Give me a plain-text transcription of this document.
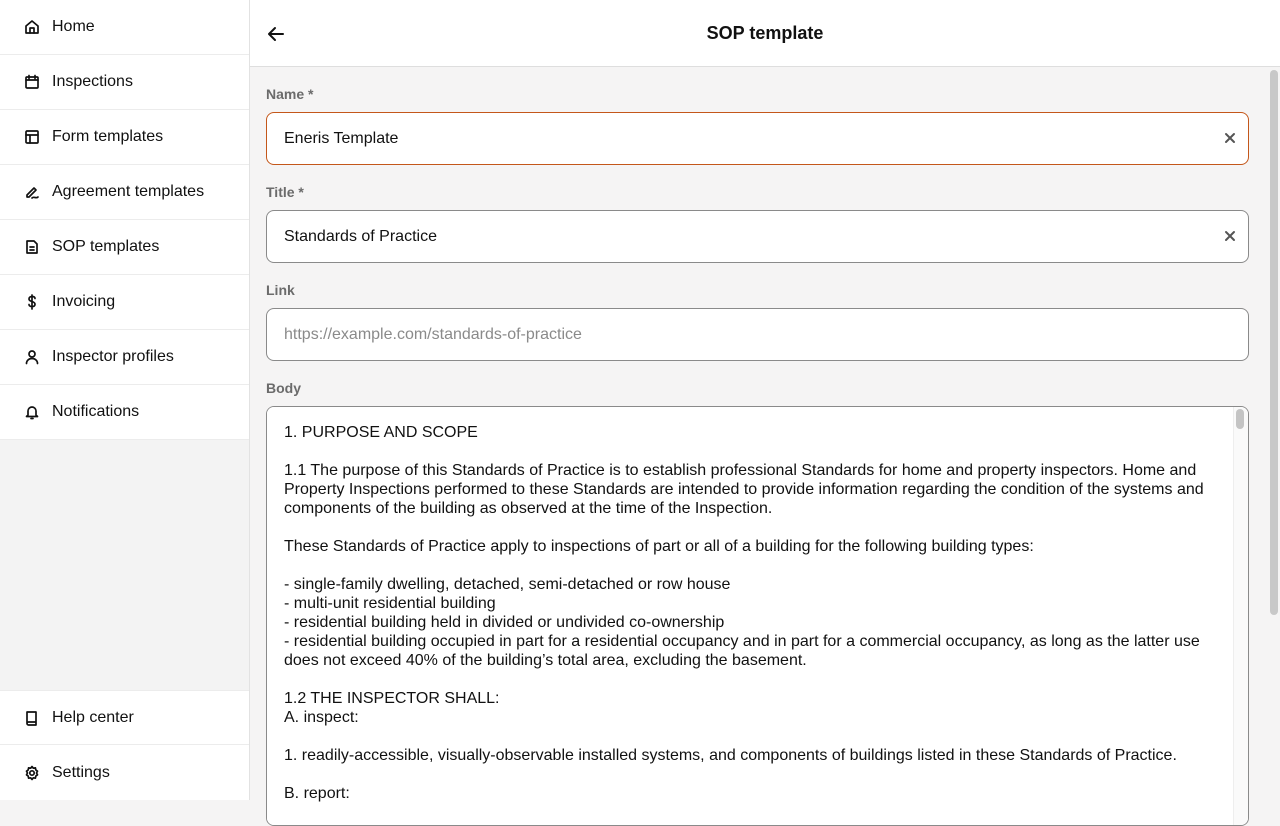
Home
Inspections
Form templates
Agreement templates
SOP templates
Invoicing
Inspector profiles
Notifications
Help center
Settings
SOP template
Name *
Eneris Template
Title *
Standards of Practice
Link
https://example.com/standards-of-practice
Body
1. PURPOSE AND SCOPE 1.1 The purpose of this Standards of Practice is to establish professional Standards for home and property inspectors. Home and Property Inspections performed to these Standards are intended to provide information regarding the condition of the systems and components of the building as observed at the time of the Inspection. These Standards of Practice apply to inspections of part or all of a building for the following building types: - single-family dwelling, detached, semi-detached or row house - multi-unit residential building - residential building held in divided or undivided co-ownership - residential building occupied in part for a residential occupancy and in part for a commercial occupancy, as long as the latter use does not exceed 40% of the building’s total area, excluding the basement. 1.2 THE INSPECTOR SHALL: A. inspect: 1. readily-accessible, visually-observable installed systems, and components of buildings listed in these Standards of Practice. B. report:
